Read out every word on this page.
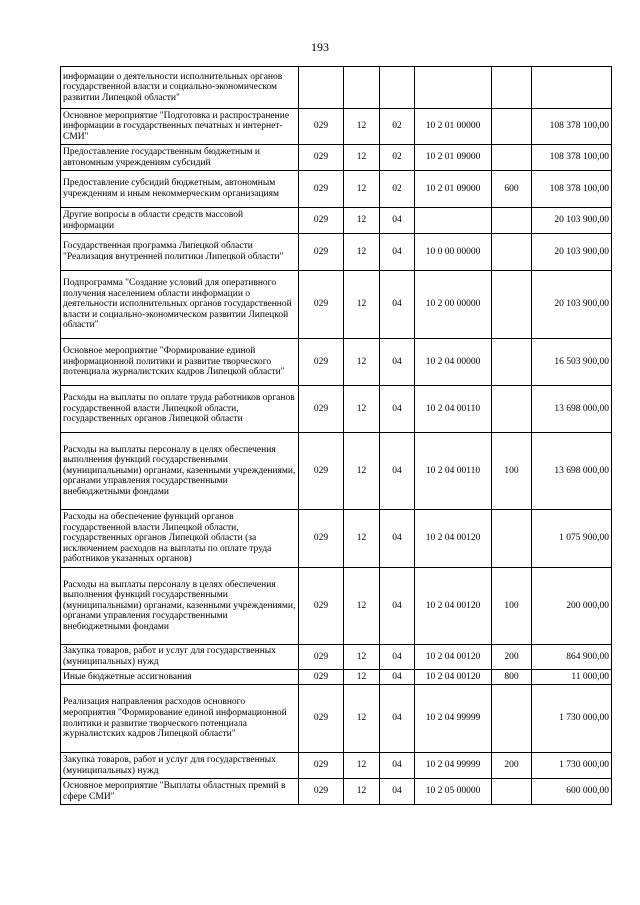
193
информации о деятельности исполнительных органов государственной власти и социально-экономическом развитии Липецкой области"						
Основное мероприятие "Подготовка и распространение информации в государственных печатных и интернет-СМИ"	029	12	02	10 2 01 00000		108 378 100,00
Предоставление государственным бюджетным и автономным учреждениям субсидий	029	12	02	10 2 01 09000		108 378 100,00
Предоставление субсидий бюджетным, автономным учреждениям и иным некоммерческим организациям	029	12	02	10 2 01 09000	600	108 378 100,00
Другие вопросы в области средств массовой информации	029	12	04			20 103 900,00
Государственная программа Липецкой области "Реализация внутренней политики Липецкой области"	029	12	04	10 0 00 00000		20 103 900,00
Подпрограмма "Создание условий для оперативного получения населением области информации о деятельности исполнительных органов государственной власти и социально-экономическом развитии Липецкой области"	029	12	04	10 2 00 00000		20 103 900,00
Основное мероприятие "Формирование единой информационной политики и развитие творческого потенциала журналистских кадров Липецкой области"	029	12	04	10 2 04 00000		16 503 900,00
Расходы на выплаты по оплате труда работников органов государственной власти Липецкой области, государственных органов Липецкой области	029	12	04	10 2 04 00110		13 698 000,00
Расходы на выплаты персоналу в целях обеспечения выполнения функций государственными (муниципальными) органами, казенными учреждениями, органами управления государственными внебюджетными фондами	029	12	04	10 2 04 00110	100	13 698 000,00
Расходы на обеспечение функций органов государственной власти Липецкой области, государственных органов Липецкой области (за исключением расходов на выплаты по оплате труда работников указанных органов)	029	12	04	10 2 04 00120		1 075 900,00
Расходы на выплаты персоналу в целях обеспечения выполнения функций государственными (муниципальными) органами, казенными учреждениями, органами управления государственными внебюджетными фондами	029	12	04	10 2 04 00120	100	200 000,00
Закупка товаров, работ и услуг для государственных (муниципальных) нужд	029	12	04	10 2 04 00120	200	864 900,00
Иные бюджетные ассигнования	029	12	04	10 2 04 00120	800	11 000,00
Реализация направления расходов основного мероприятия "Формирование единой информационной политики и развитие творческого потенциала журналистских кадров Липецкой области"	029	12	04	10 2 04 99999		1 730 000,00
Закупка товаров, работ и услуг для государственных (муниципальных) нужд	029	12	04	10 2 04 99999	200	1 730 000,00
Основное мероприятие "Выплаты областных премий в сфере СМИ"	029	12	04	10 2 05 00000		600 000,00
